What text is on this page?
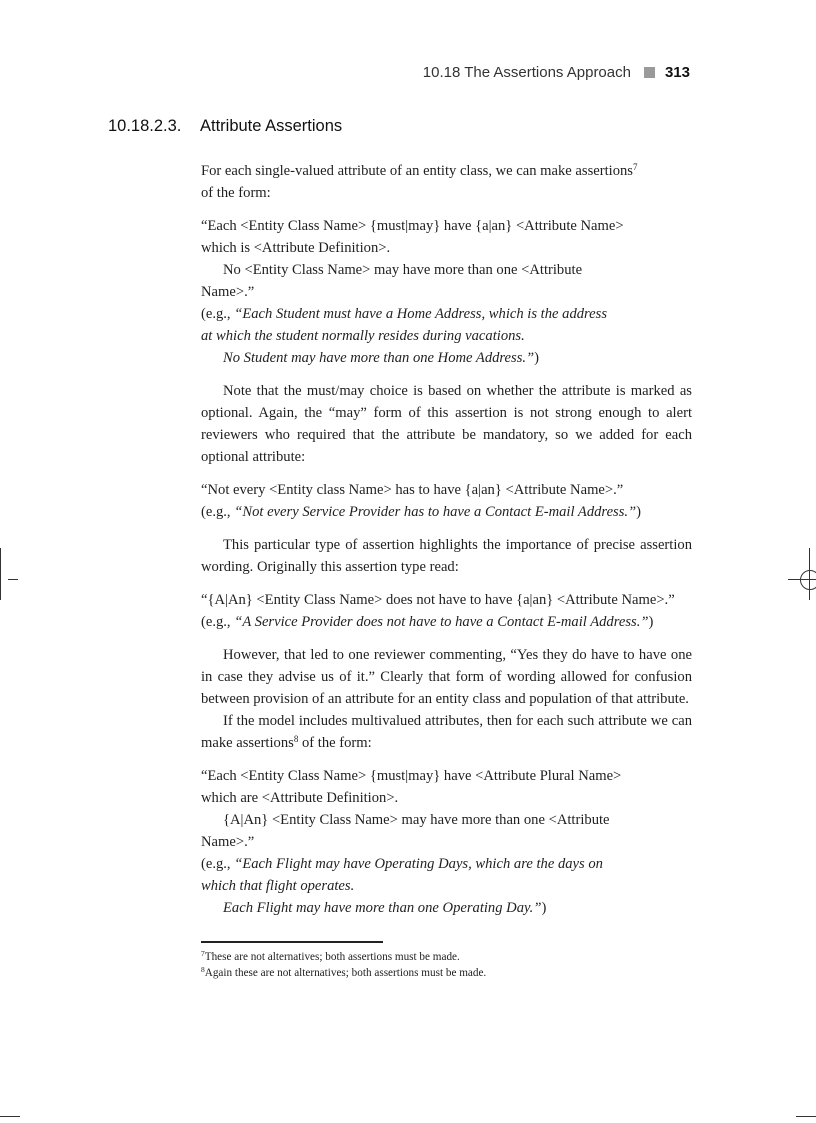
10.18 The Assertions Approach 313
10.18.2.3. Attribute Assertions

For each single-valued attribute of an entity class, we can make assertions$^7$
of the form:

“Each <Entity Class Name> {must|may} have {a|an} <Attribute Name>

which is <Attribute Definition>.

No <Entity Class Name> may have more than one <Attribute

Name>.”

(e.g., “Each Student must have a Home Address, which is the address

at which the student normally resides during vacations.

No Student may have more than one Home Address.”)

Note that the must/may choice is based on whether the attribute is marked as optional. Again, the “may” form of this assertion is not strong enough to alert reviewers who required that the attribute be mandatory, so we added for each optional attribute:

“Not every <Entity class Name> has to have {a|an} <Attribute Name>.”

(e.g., “Not every Service Provider has to have a Contact E-mail Address.”)

This particular type of assertion highlights the importance of precise assertion wording. Originally this assertion type read:

“{A|An} <Entity Class Name> does not have to have {a|an} <Attribute Name>.”

(e.g., “A Service Provider does not have to have a Contact E-mail Address.”)

However, that led to one reviewer commenting, “Yes they do have to have one in case they advise us of it.” Clearly that form of wording allowed for confusion between provision of an attribute for an entity class and population of that attribute.

If the model includes multivalued attributes, then for each such attribute we can make assertions$^8$ of the form:

“Each <Entity Class Name> {must|may} have <Attribute Plural Name>

which are <Attribute Definition>.

{A|An} <Entity Class Name> may have more than one <Attribute

Name>.”

(e.g., “Each Flight may have Operating Days, which are the days on

which that flight operates.

Each Flight may have more than one Operating Day.”)

$^7$These are not alternatives; both assertions must be made.

$^8$Again these are not alternatives; both assertions must be made.
